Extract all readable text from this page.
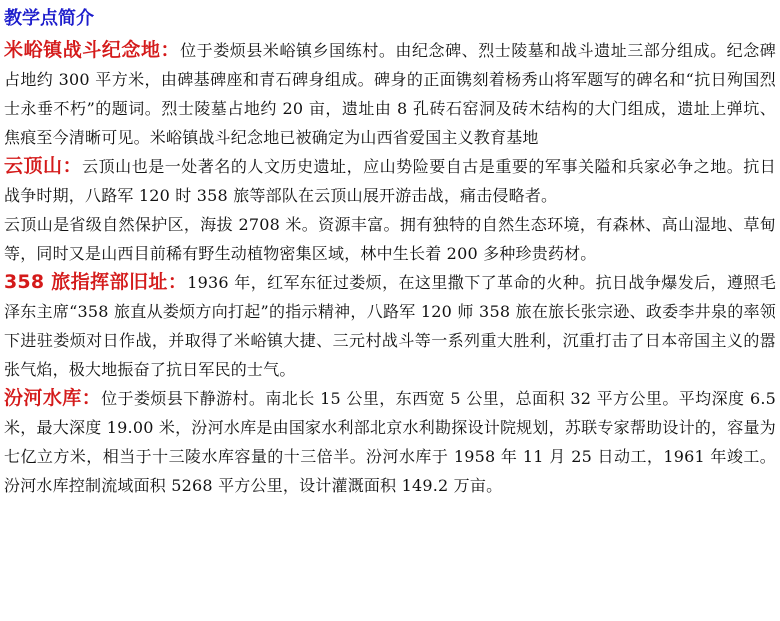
教学点简介

米峪镇战斗纪念地：位于娄烦县米峪镇乡国练村。由纪念碑、烈士陵墓和战斗遗址三部分组成。纪念碑占地约 300 平方米，由碑基碑座和青石碑身组成。碑身的正面镌刻着杨秀山将军题写的碑名和“抗日殉国烈士永垂不朽”的题词。烈士陵墓占地约 20 亩，遗址由 8 孔砖石窑洞及砖木结构的大门组成，遗址上弹坑、焦痕至今清晰可见。米峪镇战斗纪念地已被确定为山西省爱国主义教育基地

云顶山：云顶山也是一处著名的人文历史遗址，应山势险要自古是重要的军事关隘和兵家必争之地。抗日战争时期，八路军 120 时 358 旅等部队在云顶山展开游击战，痛击侵略者。

云顶山是省级自然保护区，海拔 2708 米。资源丰富。拥有独特的自然生态环境，有森林、高山湿地、草甸等，同时又是山西目前稀有野生动植物密集区域，林中生长着 200 多种珍贵药材。

358 旅指挥部旧址：1936 年，红军东征过娄烦，在这里撒下了革命的火种。抗日战争爆发后，遵照毛泽东主席“358 旅直从娄烦方向打起”的指示精神，八路军 120 师 358 旅在旅长张宗逊、政委李井泉的率领下进驻娄烦对日作战，并取得了米峪镇大捷、三元村战斗等一系列重大胜利，沉重打击了日本帝国主义的嚣张气焰，极大地振奋了抗日军民的士气。

汾河水库：位于娄烦县下静游村。南北长 15 公里，东西宽 5 公里，总面积 32 平方公里。平均深度 6.5 米，最大深度 19.00 米，汾河水库是由国家水利部北京水利勘探设计院规划，苏联专家帮助设计的，容量为七亿立方米，相当于十三陵水库容量的十三倍半。汾河水库于 1958 年 11 月 25 日动工，1961 年竣工。汾河水库控制流域面积 5268 平方公里，设计灌溉面积 149.2 万亩。
